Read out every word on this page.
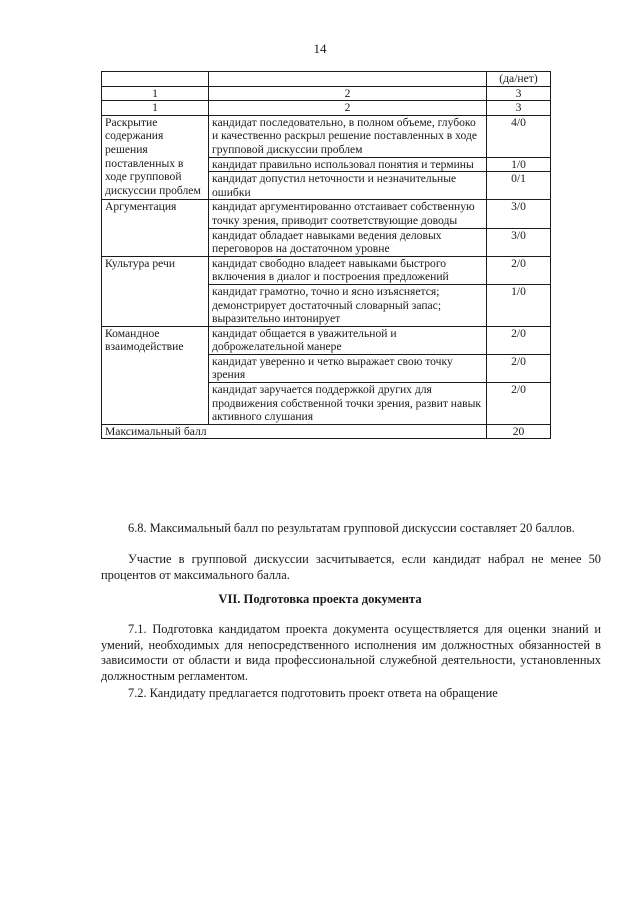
14
		(да/нет)
1	2	3
1	2	3
Раскрытие содержания решения поставленных в ходе групповой дискуссии проблем	кандидат последовательно, в полном объеме, глубоко и качественно раскрыл решение поставленных в ходе групповой дискуссии проблем	4/0
	кандидат правильно использовал понятия и термины	1/0
	кандидат допустил неточности и незначительные ошибки	0/1
Аргументация	кандидат аргументированно отстаивает собственную точку зрения, приводит соответствующие доводы	3/0
	кандидат обладает навыками ведения деловых переговоров на достаточном уровне	3/0
Культура речи	кандидат свободно владеет навыками быстрого включения в диалог и построения предложений	2/0
	кандидат грамотно, точно и ясно изъясняется; демонстрирует достаточный словарный запас; выразительно интонирует	1/0
Командное взаимодействие	кандидат общается в уважительной и доброжелательной манере	2/0
	кандидат уверенно и четко выражает свою точку зрения	2/0
	кандидат заручается поддержкой других для продвижения собственной точки зрения, развит навык активного слушания	2/0
Максимальный балл		20

6.8. Максимальный балл по результатам групповой дискуссии составляет 20 баллов.

Участие в групповой дискуссии засчитывается, если кандидат набрал не менее 50 процентов от максимального балла.

VII. Подготовка проекта документа

7.1. Подготовка кандидатом проекта документа осуществляется для оценки знаний и умений, необходимых для непосредственного исполнения им должностных обязанностей в зависимости от области и вида профессиональной служебной деятельности, установленных должностным регламентом.

7.2. Кандидату предлагается подготовить проект ответа на обращение
